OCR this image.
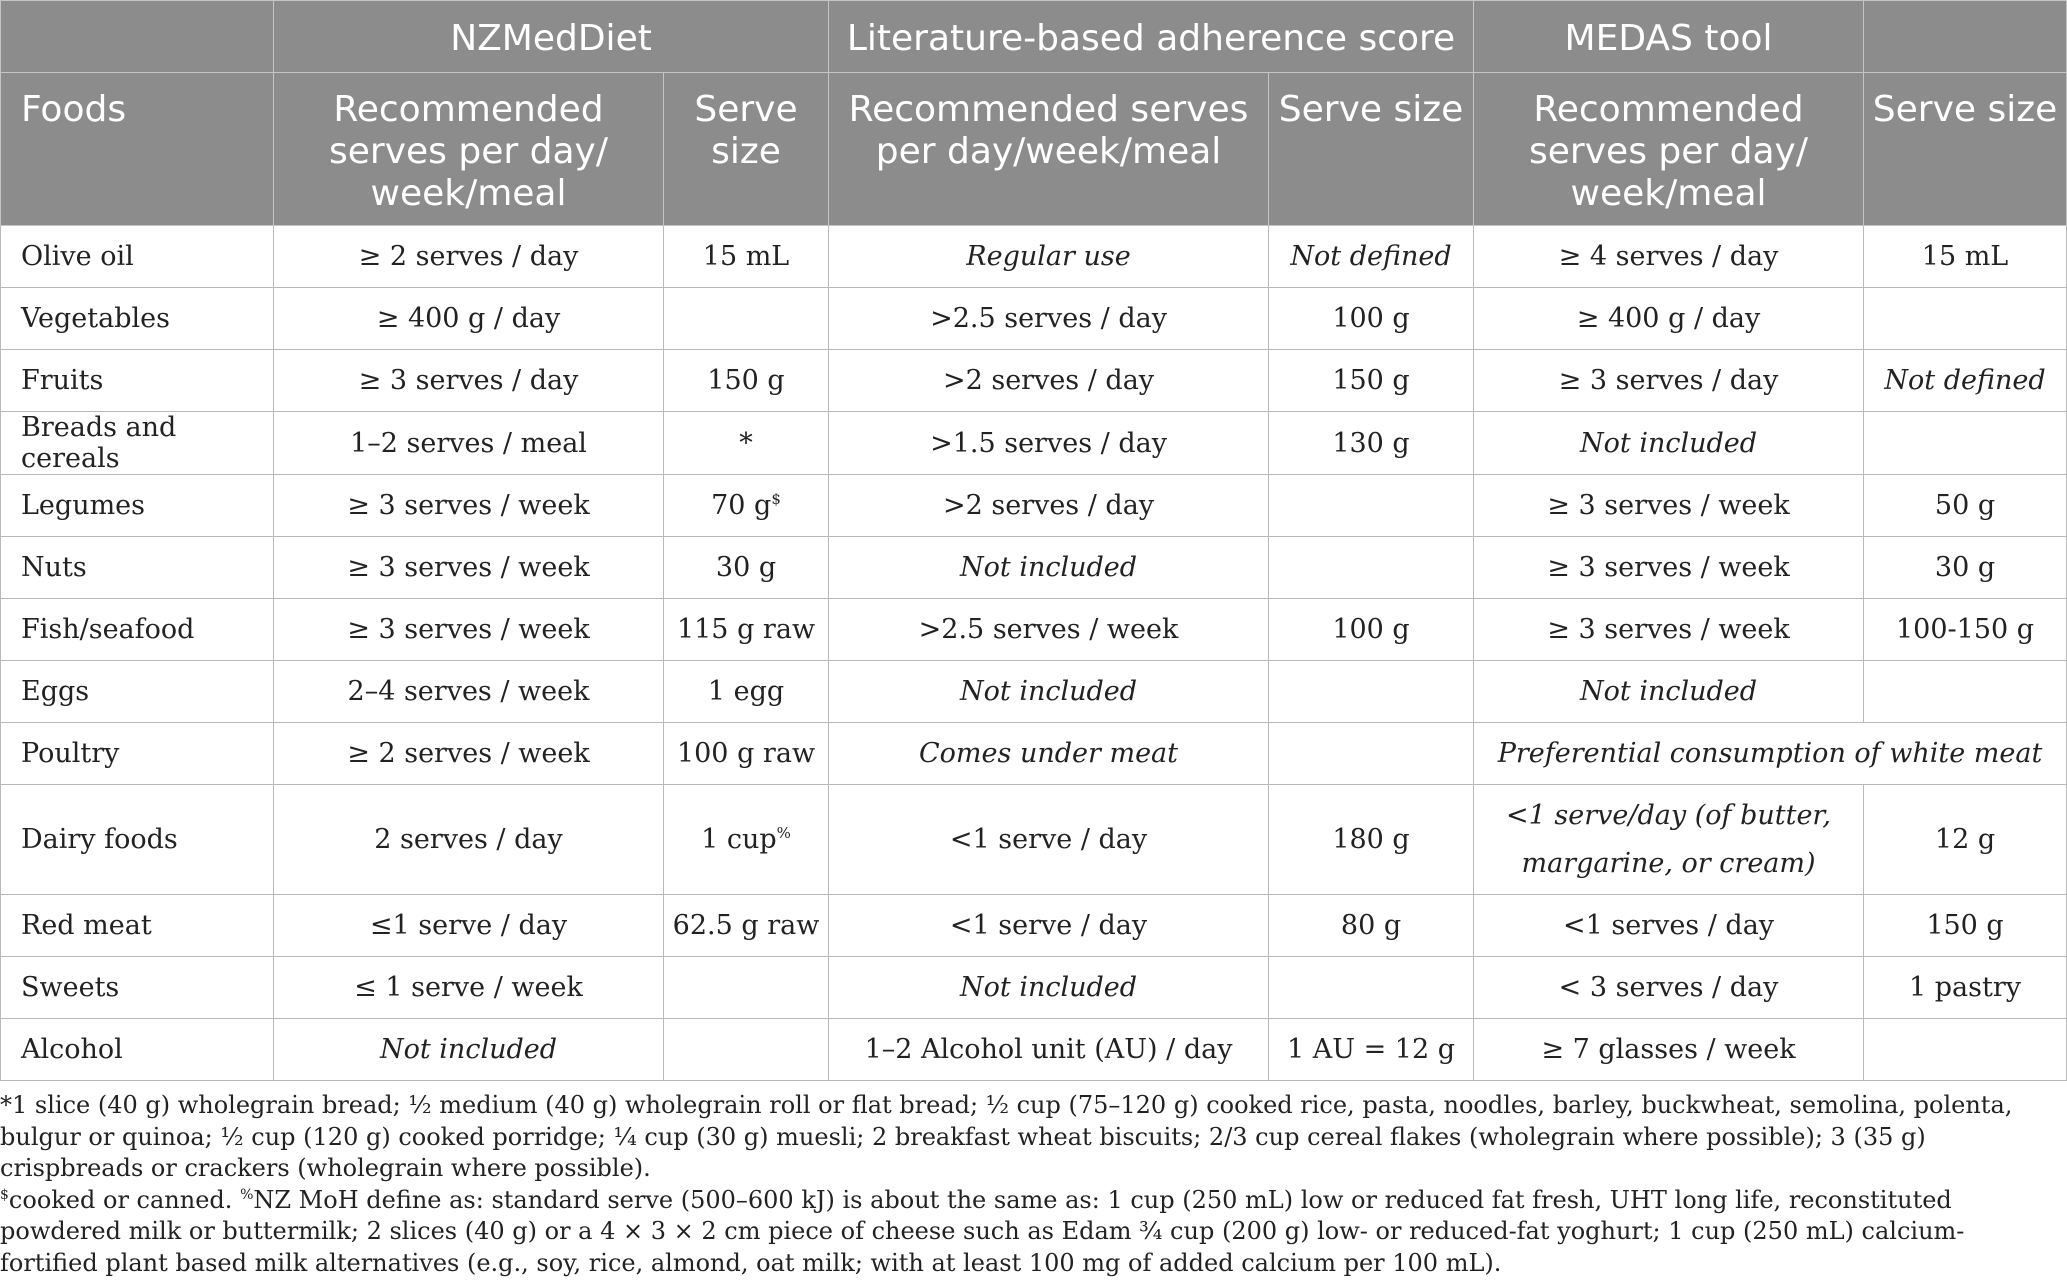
	NZMedDiet		Literature-based adherence score		MEDAS tool	
Foods	Recommended serves per day/ week/meal	Serve size	Recommended serves per day/week/meal	Serve size	Recommended serves per day/ week/meal	Serve size
Olive oil	≥ 2 serves / day	15 mL	Regular use	Not defined	≥ 4 serves / day	15 mL
Vegetables	≥ 400 g / day		>2.5 serves / day	100 g	≥ 400 g / day	
Fruits	≥ 3 serves / day	150 g	>2 serves / day	150 g	≥ 3 serves / day	Not defined
Breads and cereals	1–2 serves / meal	*	>1.5 serves / day	130 g	Not included	
Legumes	≥ 3 serves / week	70 g$	>2 serves / day		≥ 3 serves / week	50 g
Nuts	≥ 3 serves / week	30 g	Not included		≥ 3 serves / week	30 g
Fish/seafood	≥ 3 serves / week	115 g raw	>2.5 serves / week	100 g	≥ 3 serves / week	100-150 g
Eggs	2–4 serves / week	1 egg	Not included		Not included	
Poultry	≥ 2 serves / week	100 g raw	Comes under meat		Preferential consumption of white meat	
Dairy foods	2 serves / day	1 cup%	<1 serve / day	180 g	<1 serve/day (of butter,
margarine, or cream)	12 g
Red meat	≤1 serve / day	62.5 g raw	<1 serve / day	80 g	<1 serves / day	150 g
Sweets	≤ 1 serve / week		Not included		< 3 serves / day	1 pastry
Alcohol	Not included		1–2 Alcohol unit (AU) / day	1 AU = 12 g	≥ 7 glasses / week	

*1 slice (40 g) wholegrain bread; ½ medium (40 g) wholegrain roll or flat bread; ½ cup (75–120 g) cooked rice, pasta, noodles, barley, buckwheat, semolina, polenta, bulgur or quinoa; ½ cup (120 g) cooked porridge; ¼ cup (30 g) muesli; 2 breakfast wheat biscuits; 2/3 cup cereal flakes (wholegrain where possible); 3 (35 g) crispbreads or crackers (wholegrain where possible).

$cooked or canned. %NZ MoH define as: standard serve (500–600 kJ) is about the same as: 1 cup (250 mL) low or reduced fat fresh, UHT long life, reconstituted powdered milk or buttermilk; 2 slices (40 g) or a 4 × 3 × 2 cm piece of cheese such as Edam ¾ cup (200 g) low- or reduced-fat yoghurt; 1 cup (250 mL) calcium-fortified plant based milk alternatives (e.g., soy, rice, almond, oat milk; with at least 100 mg of added calcium per 100 mL).
